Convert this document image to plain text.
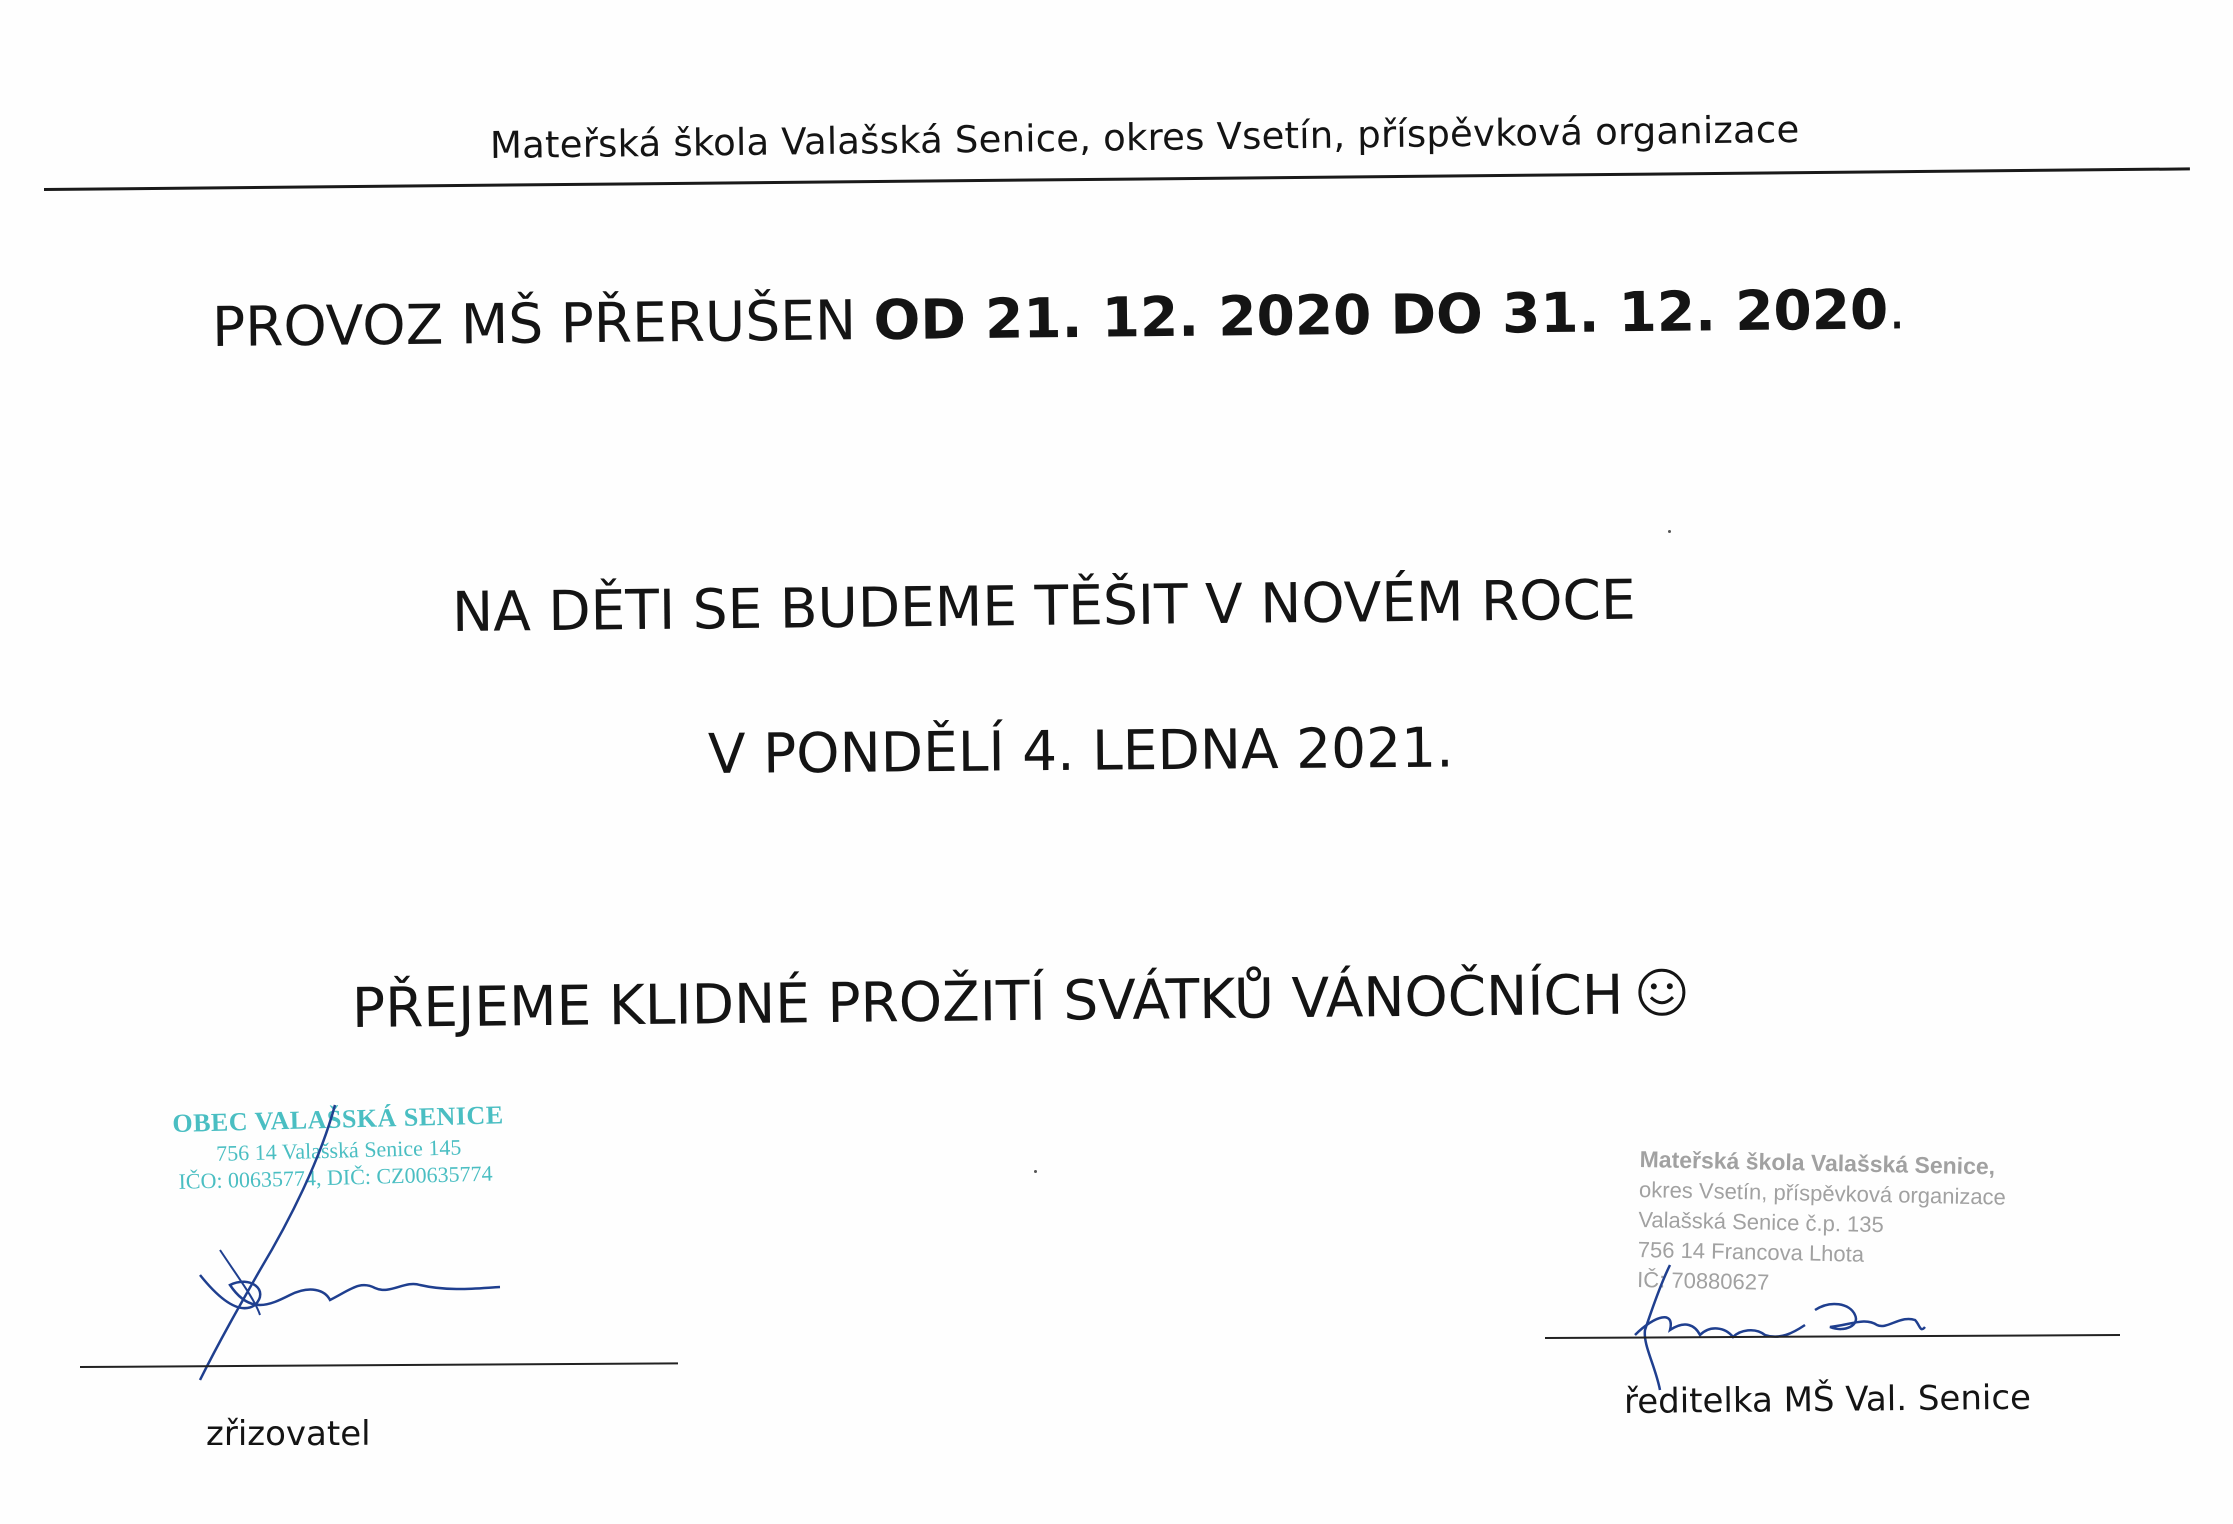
Mateřská škola Valašská Senice, okres Vsetín, příspěvková organizace
PROVOZ MŠ PŘERUŠEN OD 21. 12. 2020 DO 31. 12. 2020.
NA DĚTI SE BUDEME TĚŠIT V NOVÉM ROCE
V PONDĚLÍ 4. LEDNA 2021.
PŘEJEME KLIDNÉ PROŽITÍ SVÁTKŮ VÁNOČNÍCH
OBEC VALAŠSKÁ SENICE
756 14 Valašská Senice 145
IČO: 00635774, DIČ: CZ00635774	Mateřská škola Valašská Senice,
okres Vsetín, příspěvková organizace
Valašská Senice č.p. 135
756 14 Francova Lhota
IČ: 70880627
zřizovatel
ředitelka MŠ Val. Senice
